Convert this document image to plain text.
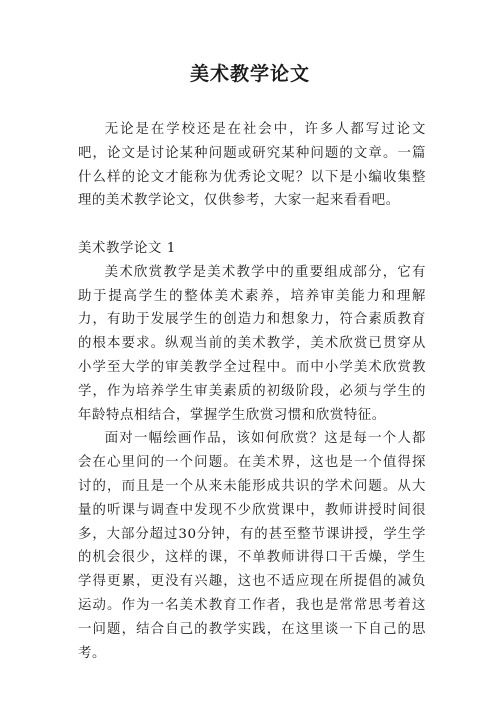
美术教学论文

无论是在学校还是在社会中，许多人都写过论文吧，论文是讨论某种问题或研究某种问题的文章。一篇什么样的论文才能称为优秀论文呢？以下是小编收集整理的美术教学论文，仅供参考，大家一起来看看吧。

美术教学论文 1

美术欣赏教学是美术教学中的重要组成部分，它有助于提高学生的整体美术素养，培养审美能力和理解力，有助于发展学生的创造力和想象力，符合素质教育的根本要求。纵观当前的美术教学，美术欣赏已贯穿从小学至大学的审美教学全过程中。而中小学美术欣赏教学，作为培养学生审美素质的初级阶段，必须与学生的年龄特点相结合，掌握学生欣赏习惯和欣赏特征。

面对一幅绘画作品，该如何欣赏？这是每一个人都会在心里问的一个问题。在美术界，这也是一个值得探讨的，而且是一个从来未能形成共识的学术问题。从大量的听课与调查中发现不少欣赏课中，教师讲授时间很多，大部分超过30分钟，有的甚至整节课讲授，学生学的机会很少，这样的课，不单教师讲得口干舌燥，学生学得更累，更没有兴趣，这也不适应现在所提倡的减负运动。作为一名美术教育工作者，我也是常常思考着这一问题，结合自己的教学实践，在这里谈一下自己的思考。
